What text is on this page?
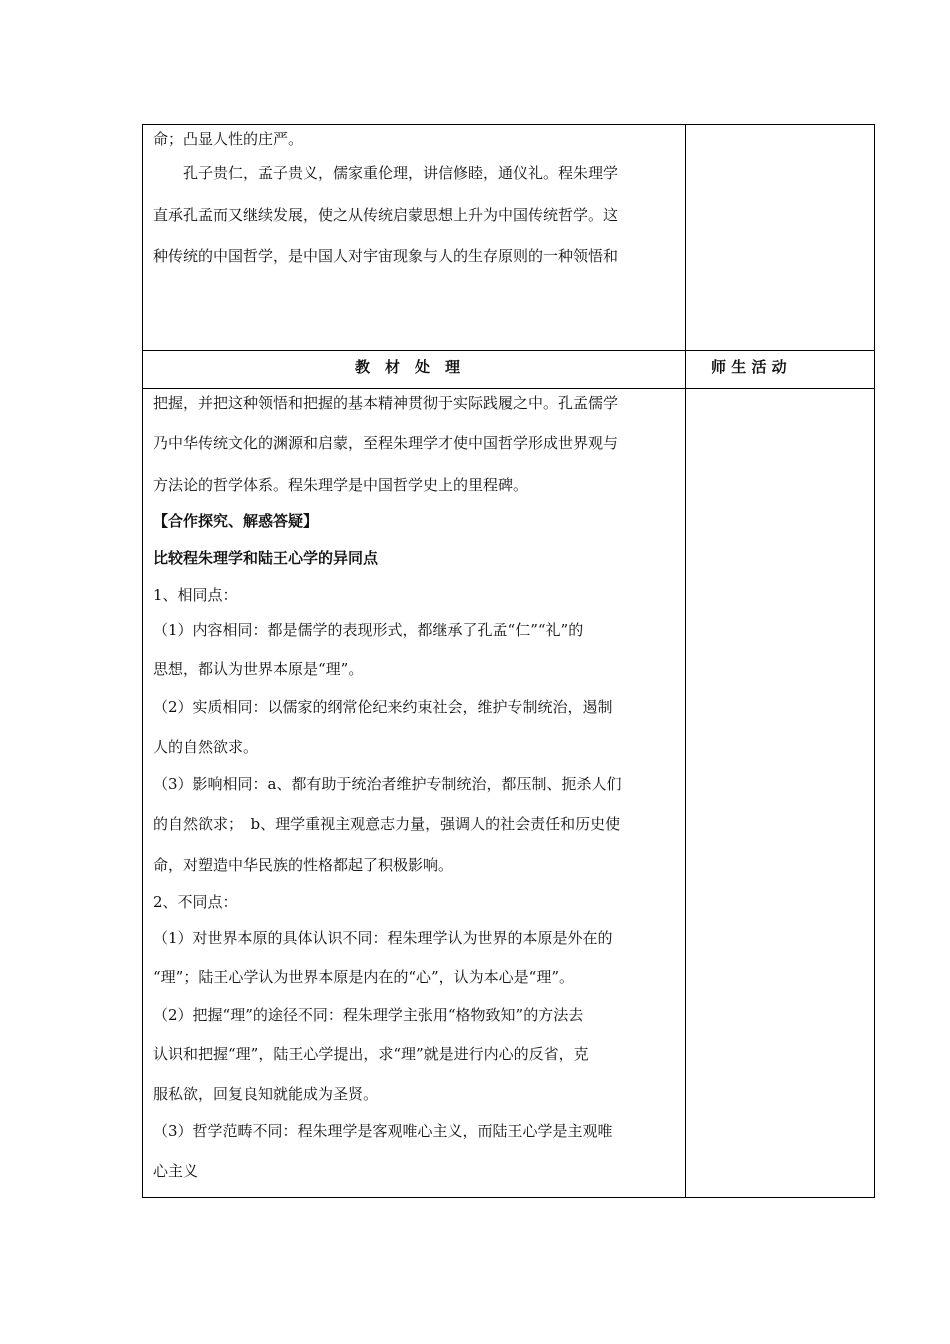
命；凸显人性的庄严。
孔子贵仁，孟子贵义，儒家重伦理，讲信修睦，通仪礼。程朱理学
直承孔孟而又继续发展，使之从传统启蒙思想上升为中国传统哲学。这
种传统的中国哲学，是中国人对宇宙现象与人的生存原则的一种领悟和
教　材　处　理	师 生 活 动
把握，并把这种领悟和把握的基本精神贯彻于实际践履之中。孔孟儒学
乃中华传统文化的渊源和启蒙，至程朱理学才使中国哲学形成世界观与
方法论的哲学体系。程朱理学是中国哲学史上的里程碑。
【合作探究、解惑答疑】
比较程朱理学和陆王心学的异同点
1、相同点：
（1）内容相同：都是儒学的表现形式，都继承了孔孟“仁”“礼”的
思想，都认为世界本原是“理”。
（2）实质相同：以儒家的纲常伦纪来约束社会，维护专制统治，遏制
人的自然欲求。
（3）影响相同：a、都有助于统治者维护专制统治，都压制、扼杀人们
的自然欲求；　b、理学重视主观意志力量，强调人的社会责任和历史使
命，对塑造中华民族的性格都起了积极影响。
2、不同点：
（1）对世界本原的具体认识不同：程朱理学认为世界的本原是外在的
“理”；陆王心学认为世界本原是内在的“心”，认为本心是“理”。
（2）把握“理”的途径不同：程朱理学主张用“格物致知”的方法去
认识和把握“理”，陆王心学提出，求“理”就是进行内心的反省，克
服私欲，回复良知就能成为圣贤。
（3）哲学范畴不同：程朱理学是客观唯心主义，而陆王心学是主观唯
心主义
